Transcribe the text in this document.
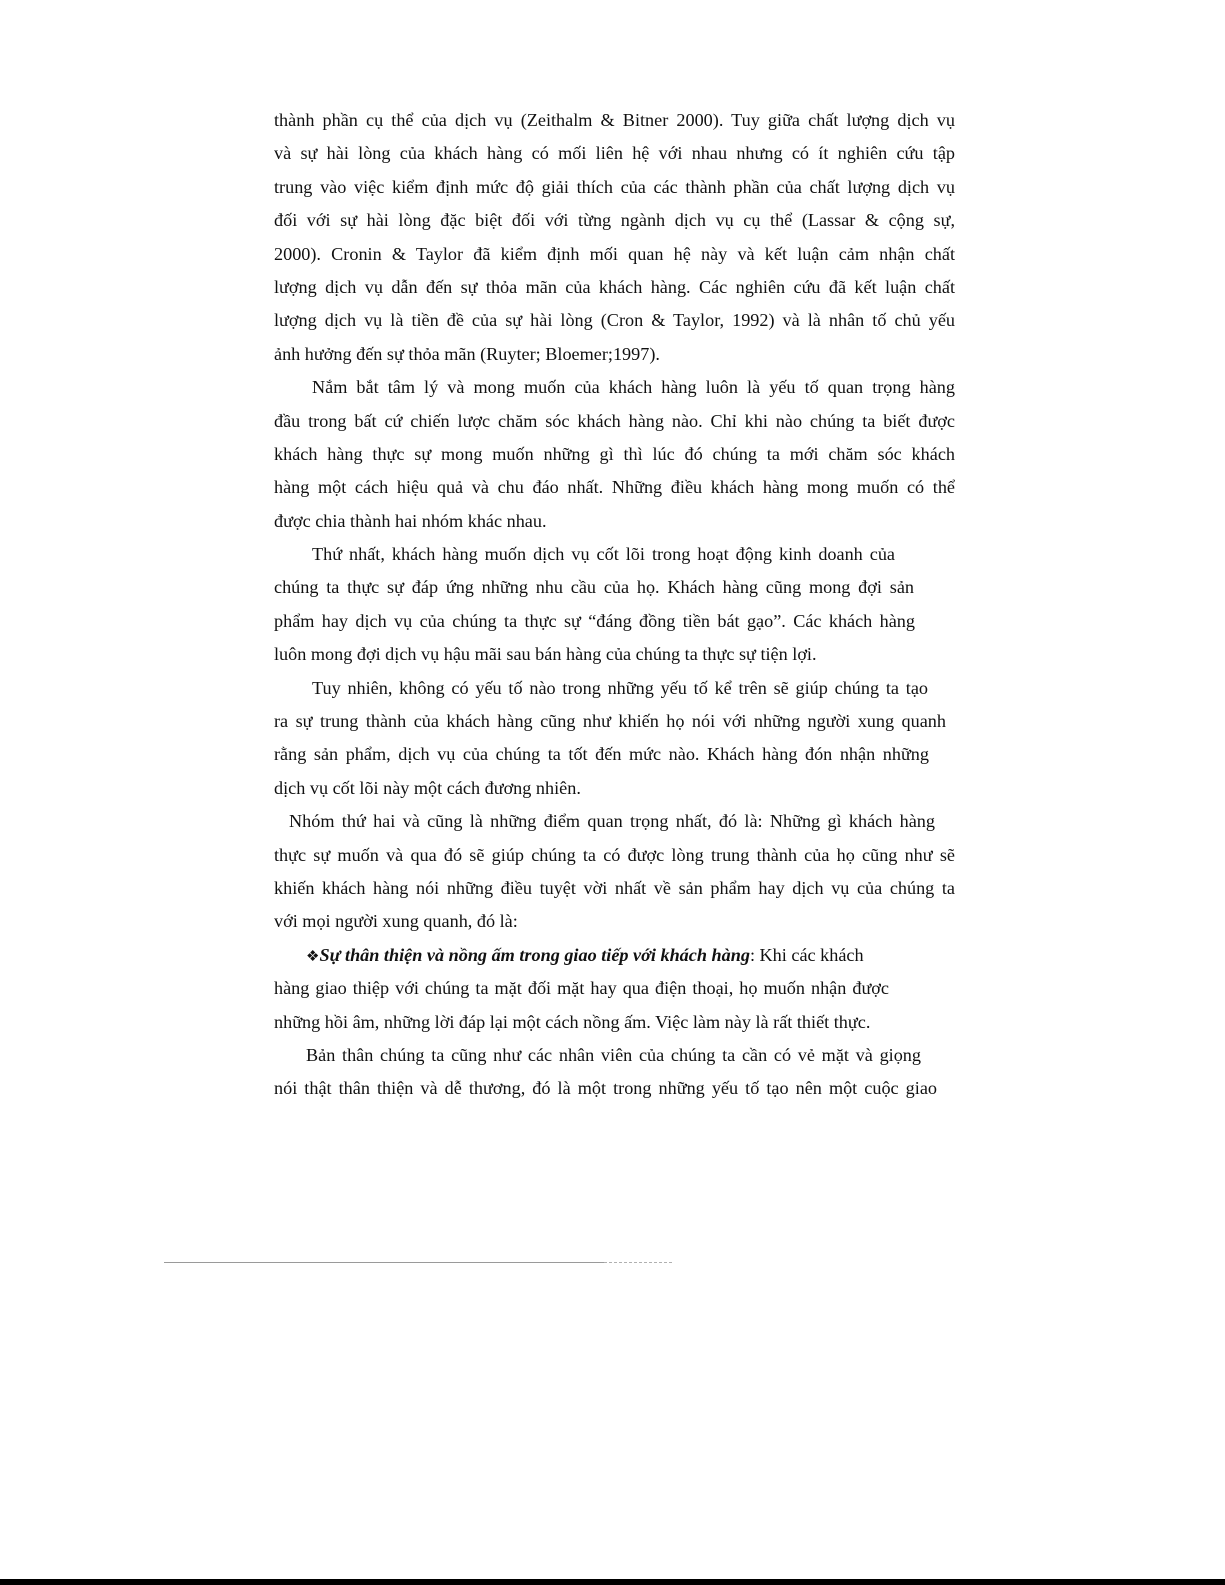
thành phần cụ thể của dịch vụ (Zeithalm & Bitner 2000). Tuy giữa chất lượng dịch vụ
và sự hài lòng của khách hàng có mối liên hệ với nhau nhưng có ít nghiên cứu tập
trung vào việc kiểm định mức độ giải thích của các thành phần của chất lượng dịch vụ
đối với sự hài lòng đặc biệt đối với từng ngành dịch vụ cụ thể (Lassar & cộng sự,
2000). Cronin & Taylor đã kiểm định mối quan hệ này và kết luận cảm nhận chất
lượng dịch vụ dẫn đến sự thỏa mãn của khách hàng. Các nghiên cứu đã kết luận chất
lượng dịch vụ là tiền đề của sự hài lòng (Cron & Taylor, 1992) và là nhân tố chủ yếu
ảnh hưởng đến sự thỏa mãn (Ruyter; Bloemer;1997).
Nắm bắt tâm lý và mong muốn của khách hàng luôn là yếu tố quan trọng hàng
đầu trong bất cứ chiến lược chăm sóc khách hàng nào. Chỉ khi nào chúng ta biết được
khách hàng thực sự mong muốn những gì thì lúc đó chúng ta mới chăm sóc khách
hàng một cách hiệu quả và chu đáo nhất. Những điều khách hàng mong muốn có thể
được chia thành hai nhóm khác nhau.
Thứ nhất, khách hàng muốn dịch vụ cốt lõi trong hoạt động kinh doanh của
chúng ta thực sự đáp ứng những nhu cầu của họ. Khách hàng cũng mong đợi sản
phẩm hay dịch vụ của chúng ta thực sự “đáng đồng tiền bát gạo”. Các khách hàng
luôn mong đợi dịch vụ hậu mãi sau bán hàng của chúng ta thực sự tiện lợi.
Tuy nhiên, không có yếu tố nào trong những yếu tố kể trên sẽ giúp chúng ta tạo
ra sự trung thành của khách hàng cũng như khiến họ nói với những người xung quanh
rằng sản phẩm, dịch vụ của chúng ta tốt đến mức nào. Khách hàng đón nhận những
dịch vụ cốt lõi này một cách đương nhiên.
Nhóm thứ hai và cũng là những điểm quan trọng nhất, đó là: Những gì khách hàng
thực sự muốn và qua đó sẽ giúp chúng ta có được lòng trung thành của họ cũng như sẽ
khiến khách hàng nói những điều tuyệt vời nhất về sản phẩm hay dịch vụ của chúng ta
với mọi người xung quanh, đó là:
❖Sự thân thiện và nồng ấm trong giao tiếp với khách hàng: Khi các khách
hàng giao thiệp với chúng ta mặt đối mặt hay qua điện thoại, họ muốn nhận được
những hồi âm, những lời đáp lại một cách nồng ấm. Việc làm này là rất thiết thực.
Bản thân chúng ta cũng như các nhân viên của chúng ta cần có vẻ mặt và giọng
nói thật thân thiện và dễ thương, đó là một trong những yếu tố tạo nên một cuộc giao
